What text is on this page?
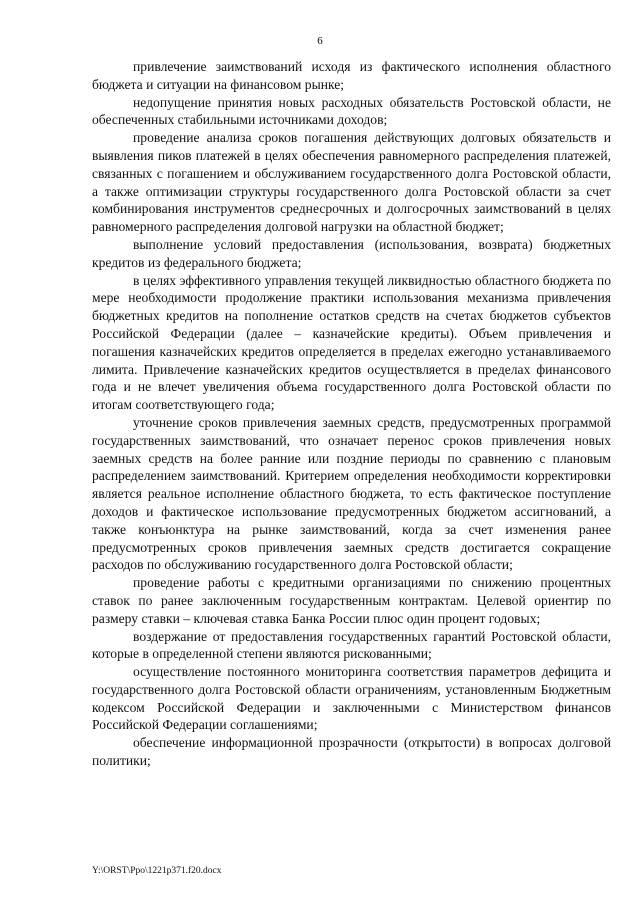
6

привлечение заимствований исходя из фактического исполнения областного бюджета и ситуации на финансовом рынке;

недопущение принятия новых расходных обязательств Ростовской области, не обеспеченных стабильными источниками доходов;

проведение анализа сроков погашения действующих долговых обязательств и выявления пиков платежей в целях обеспечения равномерного распределения платежей, связанных с погашением и обслуживанием государственного долга Ростовской области, а также оптимизации структуры государственного долга Ростовской области за счет комбинирования инструментов среднесрочных и долгосрочных заимствований в целях равномерного распределения долговой нагрузки на областной бюджет;

выполнение условий предоставления (использования, возврата) бюджетных кредитов из федерального бюджета;

в целях эффективного управления текущей ликвидностью областного бюджета по мере необходимости продолжение практики использования механизма привлечения бюджетных кредитов на пополнение остатков средств на счетах бюджетов субъектов Российской Федерации (далее – казначейские кредиты). Объем привлечения и погашения казначейских кредитов определяется в пределах ежегодно устанавливаемого лимита. Привлечение казначейских кредитов осуществляется в пределах финансового года и не влечет увеличения объема государственного долга Ростовской области по итогам соответствующего года;

уточнение сроков привлечения заемных средств, предусмотренных программой государственных заимствований, что означает перенос сроков привлечения новых заемных средств на более ранние или поздние периоды по сравнению с плановым распределением заимствований. Критерием определения необходимости корректировки является реальное исполнение областного бюджета, то есть фактическое поступление доходов и фактическое использование предусмотренных бюджетом ассигнований, а также конъюнктура на рынке заимствований, когда за счет изменения ранее предусмотренных сроков привлечения заемных средств достигается сокращение расходов по обслуживанию государственного долга Ростовской области;

проведение работы с кредитными организациями по снижению процентных ставок по ранее заключенным государственным контрактам. Целевой ориентир по размеру ставки – ключевая ставка Банка России плюс один процент годовых;

воздержание от предоставления государственных гарантий Ростовской области, которые в определенной степени являются рискованными;

осуществление постоянного мониторинга соответствия параметров дефицита и государственного долга Ростовской области ограничениям, установленным Бюджетным кодексом Российской Федерации и заключенными с Министерством финансов Российской Федерации соглашениями;

обеспечение информационной прозрачности (открытости) в вопросах долговой политики;

Y:\ORST\Ppo\1221p371.f20.docx
